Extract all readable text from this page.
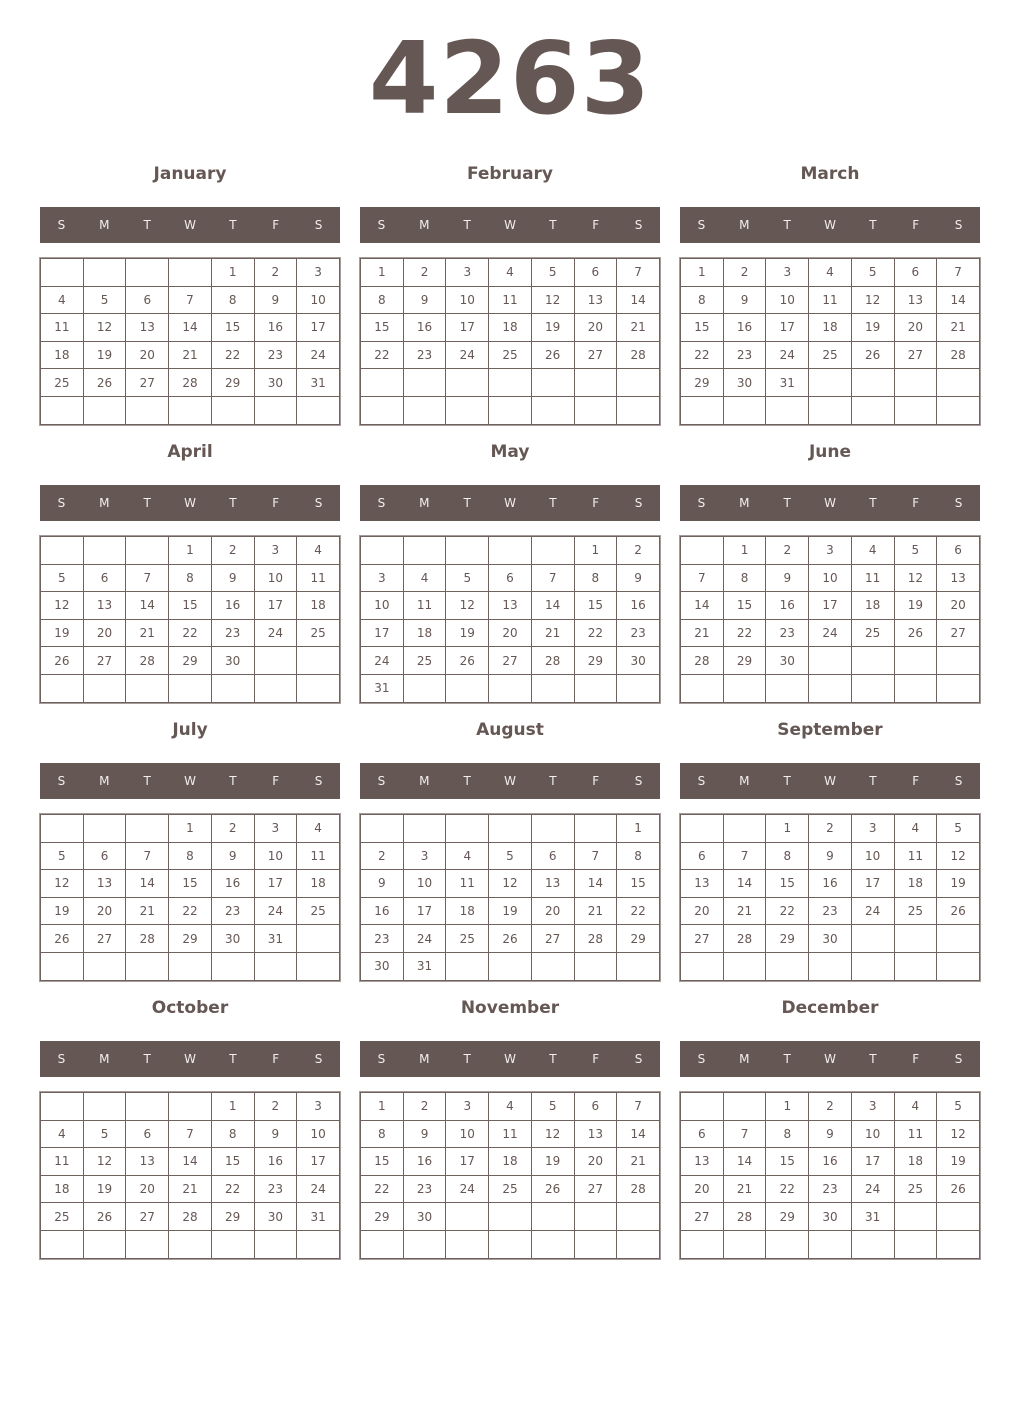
4263
January
S	M	T	W	T	F	S
				1	2	3
4	5	6	7	8	9	10
11	12	13	14	15	16	17
18	19	20	21	22	23	24
25	26	27	28	29	30	31

February
S	M	T	W	T	F	S
1	2	3	4	5	6	7
8	9	10	11	12	13	14
15	16	17	18	19	20	21
22	23	24	25	26	27	28

March
S	M	T	W	T	F	S
1	2	3	4	5	6	7
8	9	10	11	12	13	14
15	16	17	18	19	20	21
22	23	24	25	26	27	28
29	30	31				

April
S	M	T	W	T	F	S
			1	2	3	4
5	6	7	8	9	10	11
12	13	14	15	16	17	18
19	20	21	22	23	24	25
26	27	28	29	30		

May
S	M	T	W	T	F	S
					1	2
3	4	5	6	7	8	9
10	11	12	13	14	15	16
17	18	19	20	21	22	23
24	25	26	27	28	29	30
31						
June
S	M	T	W	T	F	S
	1	2	3	4	5	6
7	8	9	10	11	12	13
14	15	16	17	18	19	20
21	22	23	24	25	26	27
28	29	30				

July
S	M	T	W	T	F	S
			1	2	3	4
5	6	7	8	9	10	11
12	13	14	15	16	17	18
19	20	21	22	23	24	25
26	27	28	29	30	31	

August
S	M	T	W	T	F	S
						1
2	3	4	5	6	7	8
9	10	11	12	13	14	15
16	17	18	19	20	21	22
23	24	25	26	27	28	29
30	31					
September
S	M	T	W	T	F	S
		1	2	3	4	5
6	7	8	9	10	11	12
13	14	15	16	17	18	19
20	21	22	23	24	25	26
27	28	29	30			

October
S	M	T	W	T	F	S
				1	2	3
4	5	6	7	8	9	10
11	12	13	14	15	16	17
18	19	20	21	22	23	24
25	26	27	28	29	30	31

November
S	M	T	W	T	F	S
1	2	3	4	5	6	7
8	9	10	11	12	13	14
15	16	17	18	19	20	21
22	23	24	25	26	27	28
29	30					

December
S	M	T	W	T	F	S
		1	2	3	4	5
6	7	8	9	10	11	12
13	14	15	16	17	18	19
20	21	22	23	24	25	26
27	28	29	30	31		
